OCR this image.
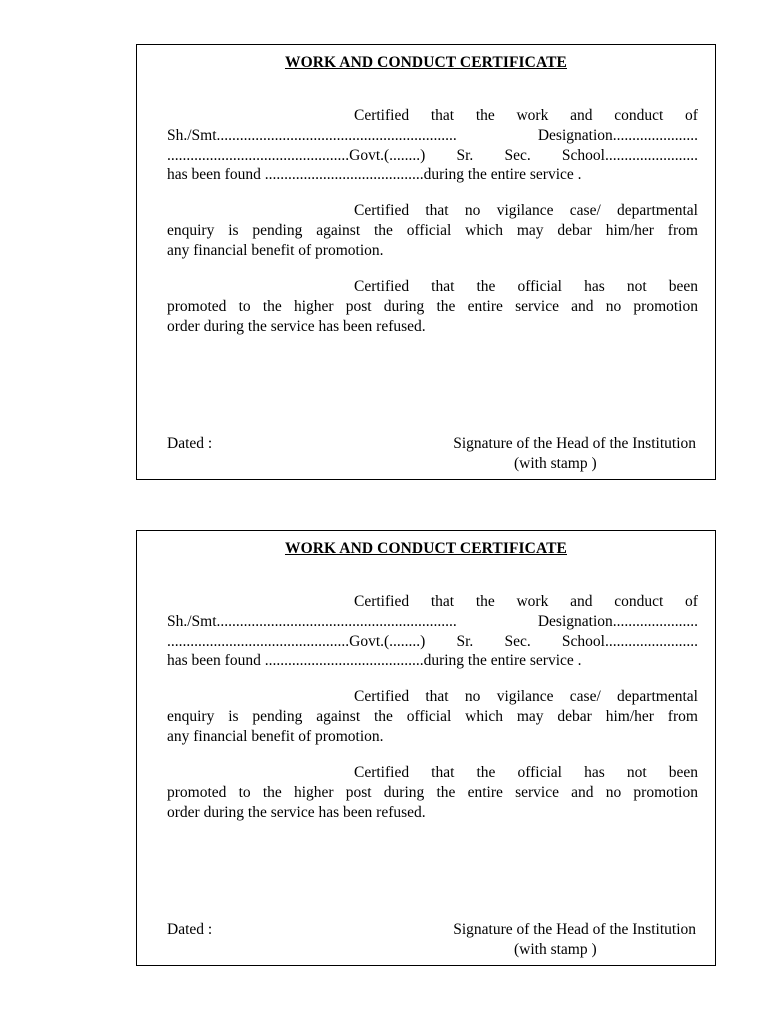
WORK AND CONDUCT CERTIFICATE
Certified that the work and conduct of
Sh./Smt..............................................................	Designation......................
...............................................Govt.(........) Sr. Sec. School........................
has been found .........................................during the entire service .
Certified that no vigilance case/ departmental
enquiry is pending against the official which may debar him/her from
any financial benefit of promotion.
Certified that the official has not been
promoted to the higher post during the entire service and no promotion
order during the service has been refused.
Dated :	Signature of the Head of the Institution
(with stamp )
WORK AND CONDUCT CERTIFICATE
Certified that the work and conduct of
Sh./Smt..............................................................	Designation......................
...............................................Govt.(........) Sr. Sec. School........................
has been found .........................................during the entire service .
Certified that no vigilance case/ departmental
enquiry is pending against the official which may debar him/her from
any financial benefit of promotion.
Certified that the official has not been
promoted to the higher post during the entire service and no promotion
order during the service has been refused.
Dated :	Signature of the Head of the Institution
(with stamp )
